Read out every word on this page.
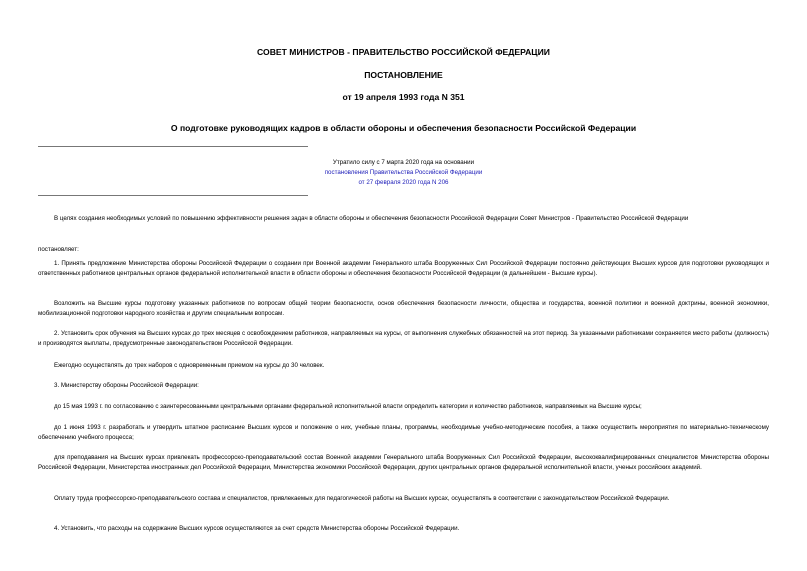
СОВЕТ МИНИСТРОВ - ПРАВИТЕЛЬСТВО РОССИЙСКОЙ ФЕДЕРАЦИИ
ПОСТАНОВЛЕНИЕ
от 19 апреля 1993 года N 351
О подготовке руководящих кадров в области обороны и обеспечения безопасности Российской Федерации
Утратило силу с 7 марта 2020 года на основании
постановления Правительства Российской Федерации
от 27 февраля 2020 года N 206

В целях создания необходимых условий по повышению эффективности решения задач в области обороны и обеспечения безопасности Российской Федерации Совет Министров - Правительство Российской Федерации

постановляет:

1. Принять предложение Министерства обороны Российской Федерации о создании при Военной академии Генерального штаба Вооруженных Сил Российской Федерации постоянно действующих Высших курсов для подготовки руководящих и ответственных работников центральных органов федеральной исполнительной власти в области обороны и обеспечения безопасности Российской Федерации (в дальнейшем - Высшие курсы).

Возложить на Высшие курсы подготовку указанных работников по вопросам общей теории безопасности, основ обеспечения безопасности личности, общества и государства, военной политики и военной доктрины, военной экономики, мобилизационной подготовки народного хозяйства и другим специальным вопросам.

2. Установить срок обучения на Высших курсах до трех месяцев с освобождением работников, направляемых на курсы, от выполнения служебных обязанностей на этот период. За указанными работниками сохраняется место работы (должность) и производятся выплаты, предусмотренные законодательством Российской Федерации.

Ежегодно осуществлять до трех наборов с одновременным приемом на курсы до 30 человек.

3. Министерству обороны Российской Федерации:

до 15 мая 1993 г. по согласованию с заинтересованными центральными органами федеральной исполнительной власти определить категории и количество работников, направляемых на Высшие курсы;

до 1 июня 1993 г. разработать и утвердить штатное расписание Высших курсов и положение о них, учебные планы, программы, необходимые учебно-методические пособия, а также осуществить мероприятия по материально-техническому обеспечению учебного процесса;

для преподавания на Высших курсах привлекать профессорско-преподавательский состав Военной академии Генерального штаба Вооруженных Сил Российской Федерации, высококвалифицированных специалистов Министерства обороны Российской Федерации, Министерства иностранных дел Российской Федерации, Министерства экономики Российской Федерации, других центральных органов федеральной исполнительной власти, ученых российских академий.

Оплату труда профессорско-преподавательского состава и специалистов, привлекаемых для педагогической работы на Высших курсах, осуществлять в соответствии с законодательством Российской Федерации.

4. Установить, что расходы на содержание Высших курсов осуществляются за счет средств Министерства обороны Российской Федерации.
